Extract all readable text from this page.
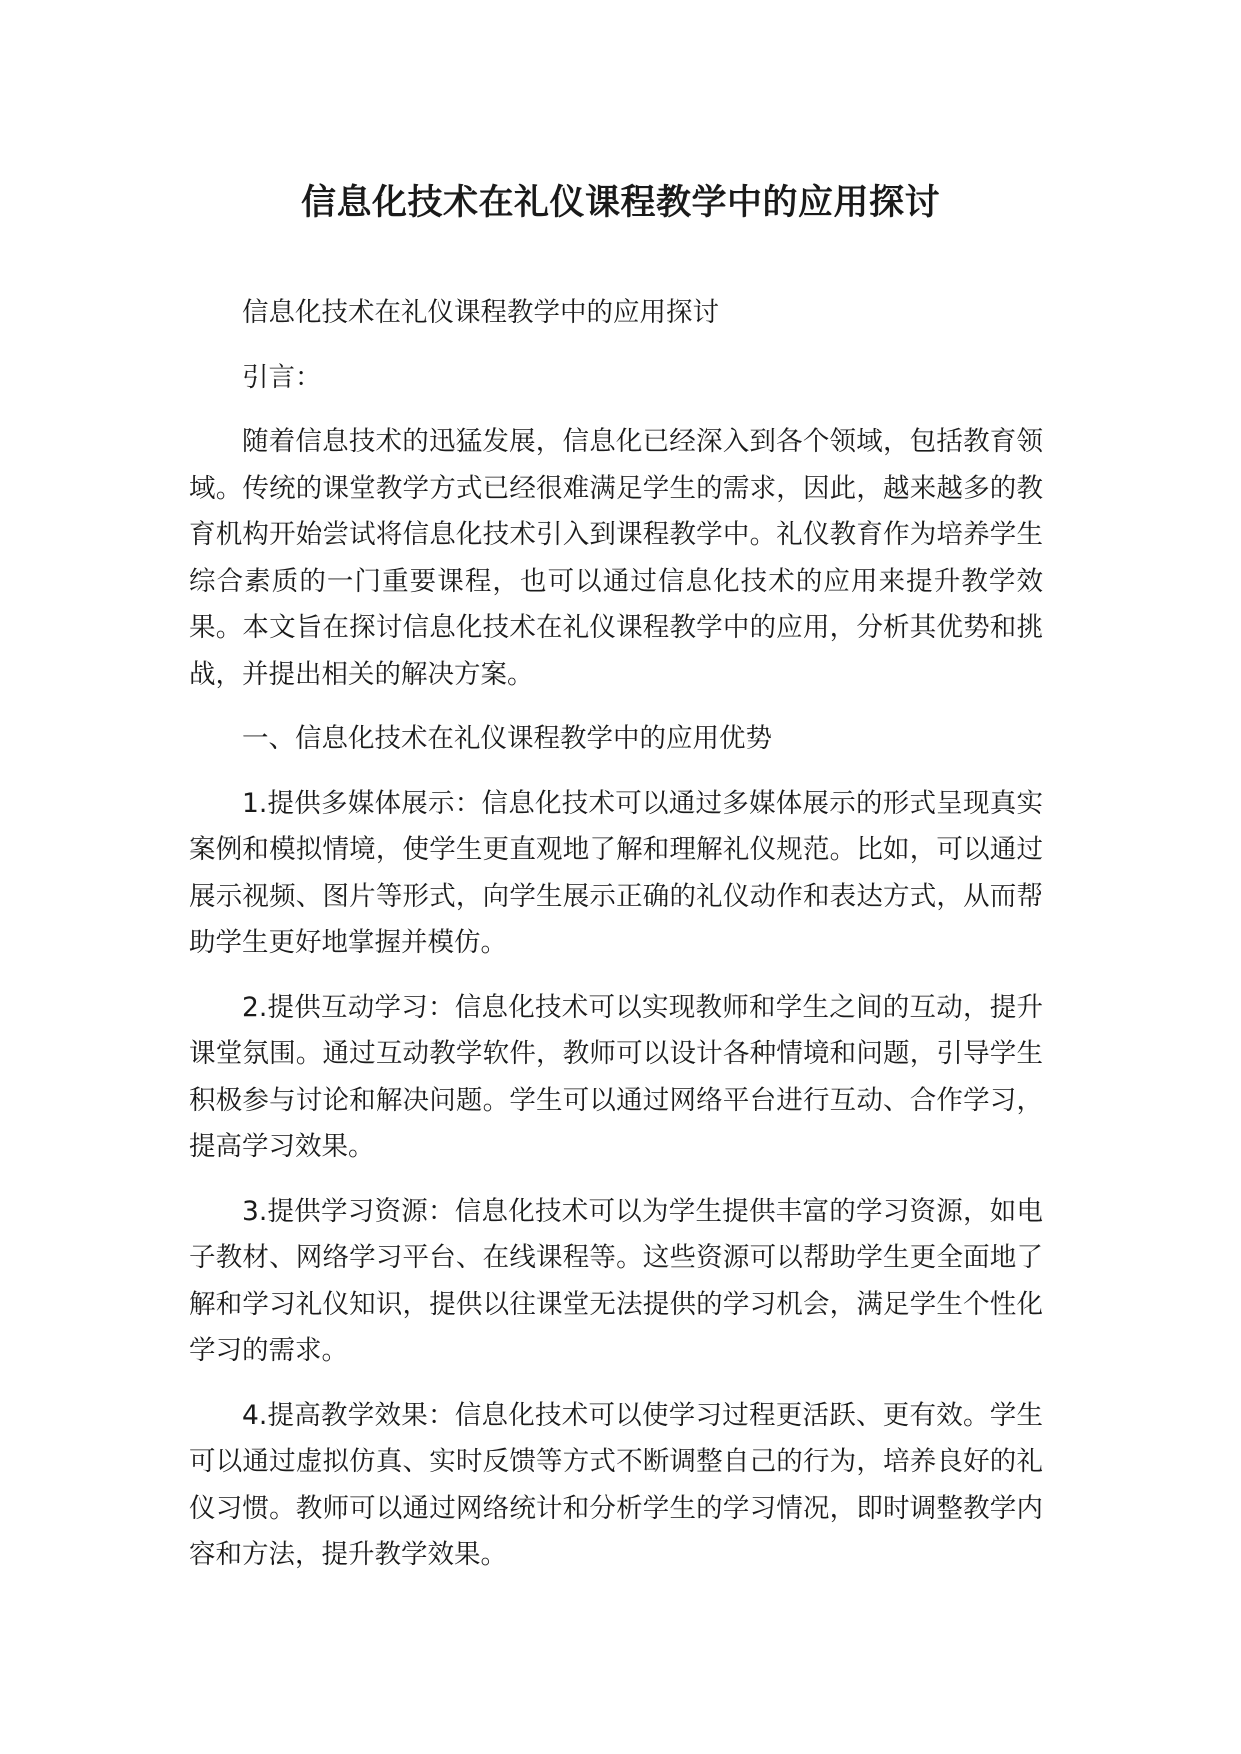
信息化技术在礼仪课程教学中的应用探讨

信息化技术在礼仪课程教学中的应用探讨

引言：

随着信息技术的迅猛发展，信息化已经深入到各个领域，包括教育领域。传统的课堂教学方式已经很难满足学生的需求，因此，越来越多的教育机构开始尝试将信息化技术引入到课程教学中。礼仪教育作为培养学生综合素质的一门重要课程，也可以通过信息化技术的应用来提升教学效果。本文旨在探讨信息化技术在礼仪课程教学中的应用，分析其优势和挑战，并提出相关的解决方案。

一、信息化技术在礼仪课程教学中的应用优势

1.提供多媒体展示：信息化技术可以通过多媒体展示的形式呈现真实案例和模拟情境，使学生更直观地了解和理解礼仪规范。比如，可以通过展示视频、图片等形式，向学生展示正确的礼仪动作和表达方式，从而帮助学生更好地掌握并模仿。

2.提供互动学习：信息化技术可以实现教师和学生之间的互动，提升课堂氛围。通过互动教学软件，教师可以设计各种情境和问题，引导学生积极参与讨论和解决问题。学生可以通过网络平台进行互动、合作学习，提高学习效果。

3.提供学习资源：信息化技术可以为学生提供丰富的学习资源，如电子教材、网络学习平台、在线课程等。这些资源可以帮助学生更全面地了解和学习礼仪知识，提供以往课堂无法提供的学习机会，满足学生个性化学习的需求。

4.提高教学效果：信息化技术可以使学习过程更活跃、更有效。学生可以通过虚拟仿真、实时反馈等方式不断调整自己的行为，培养良好的礼仪习惯。教师可以通过网络统计和分析学生的学习情况，即时调整教学内容和方法，提升教学效果。
